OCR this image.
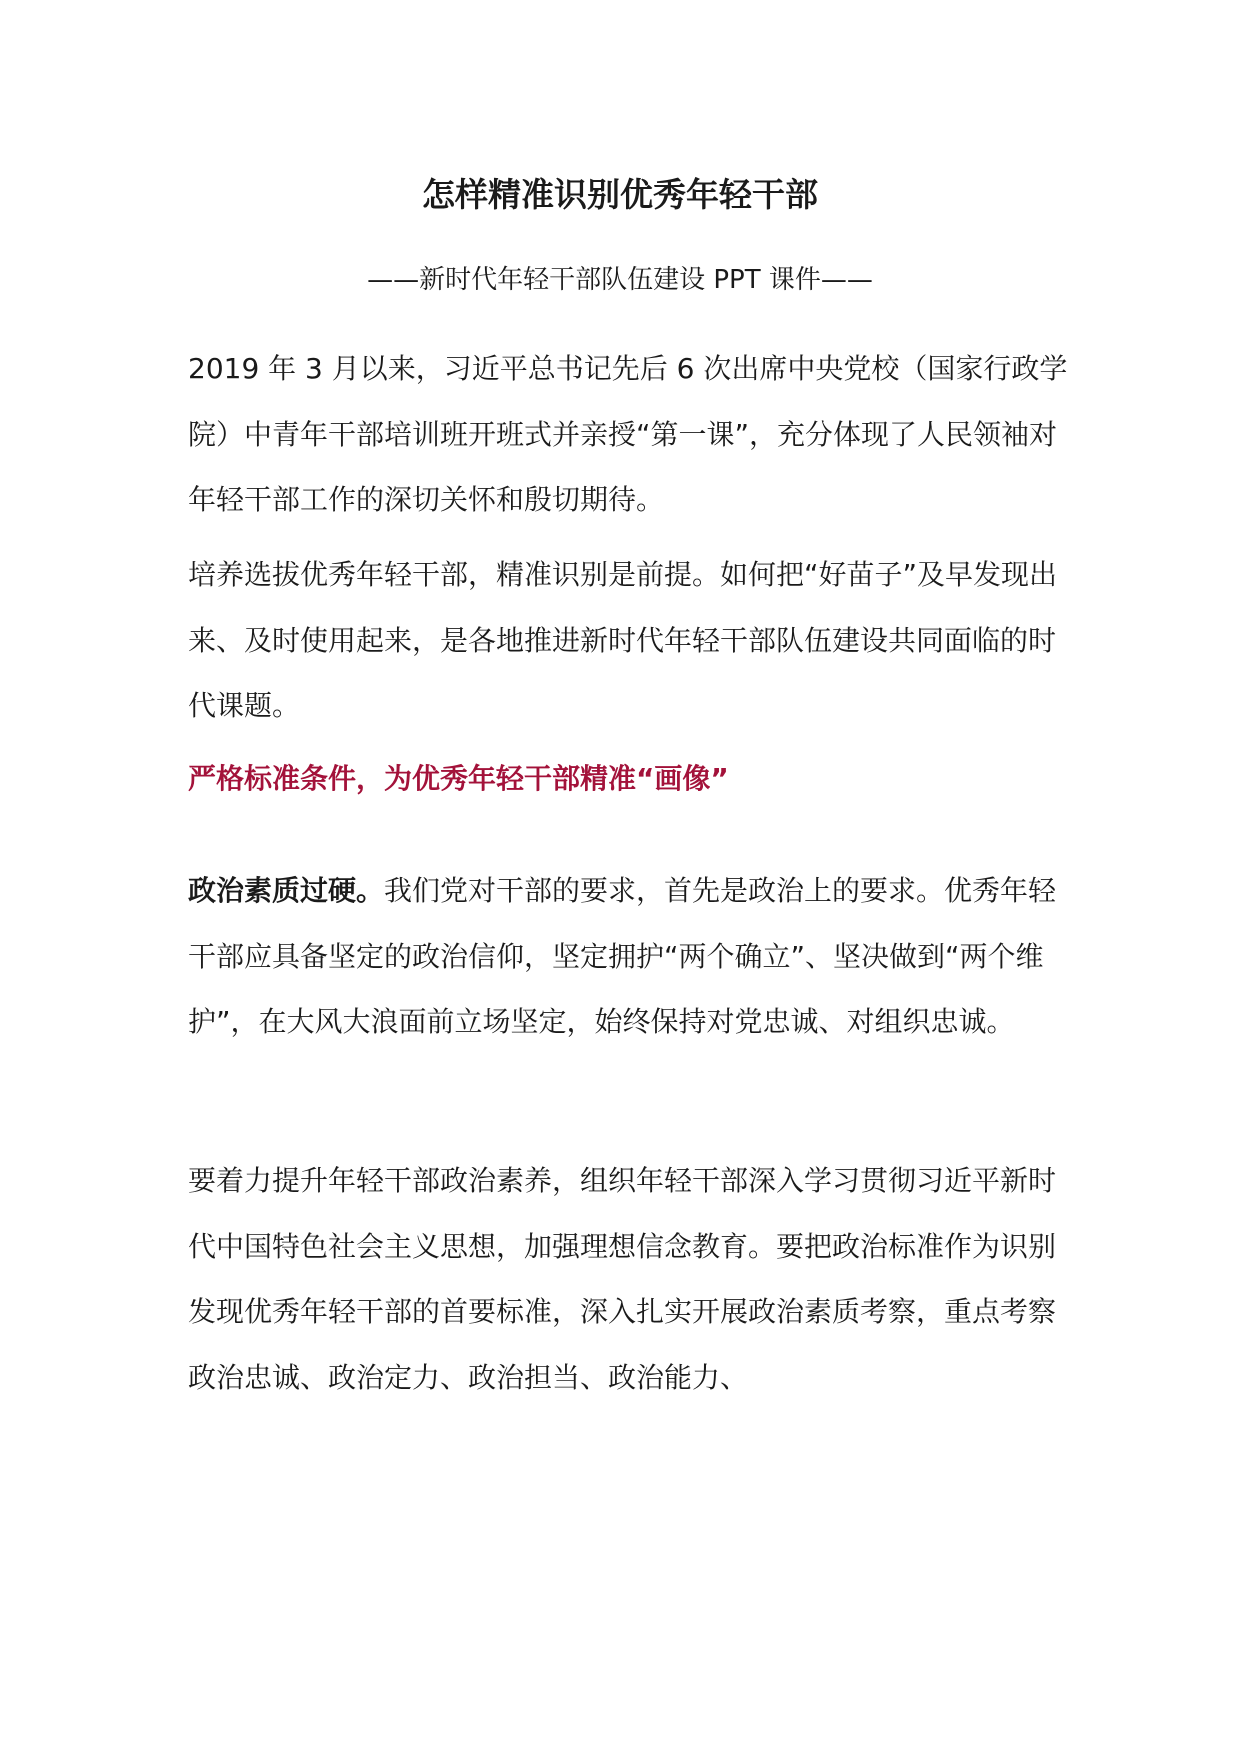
怎样精准识别优秀年轻干部

——新时代年轻干部队伍建设 PPT 课件——

2019 年 3 月以来，习近平总书记先后 6 次出席中央党校（国家行政学院）中青年干部培训班开班式并亲授“第一课”，充分体现了人民领袖对年轻干部工作的深切关怀和殷切期待。

培养选拔优秀年轻干部，精准识别是前提。如何把“好苗子”及早发现出来、及时使用起来，是各地推进新时代年轻干部队伍建设共同面临的时代课题。

严格标准条件，为优秀年轻干部精准“画像”

政治素质过硬。我们党对干部的要求，首先是政治上的要求。优秀年轻干部应具备坚定的政治信仰，坚定拥护“两个确立”、坚决做到“两个维护”，在大风大浪面前立场坚定，始终保持对党忠诚、对组织忠诚。

要着力提升年轻干部政治素养，组织年轻干部深入学习贯彻习近平新时代中国特色社会主义思想，加强理想信念教育。要把政治标准作为识别发现优秀年轻干部的首要标准，深入扎实开展政治素质考察，重点考察政治忠诚、政治定力、政治担当、政治能力、
